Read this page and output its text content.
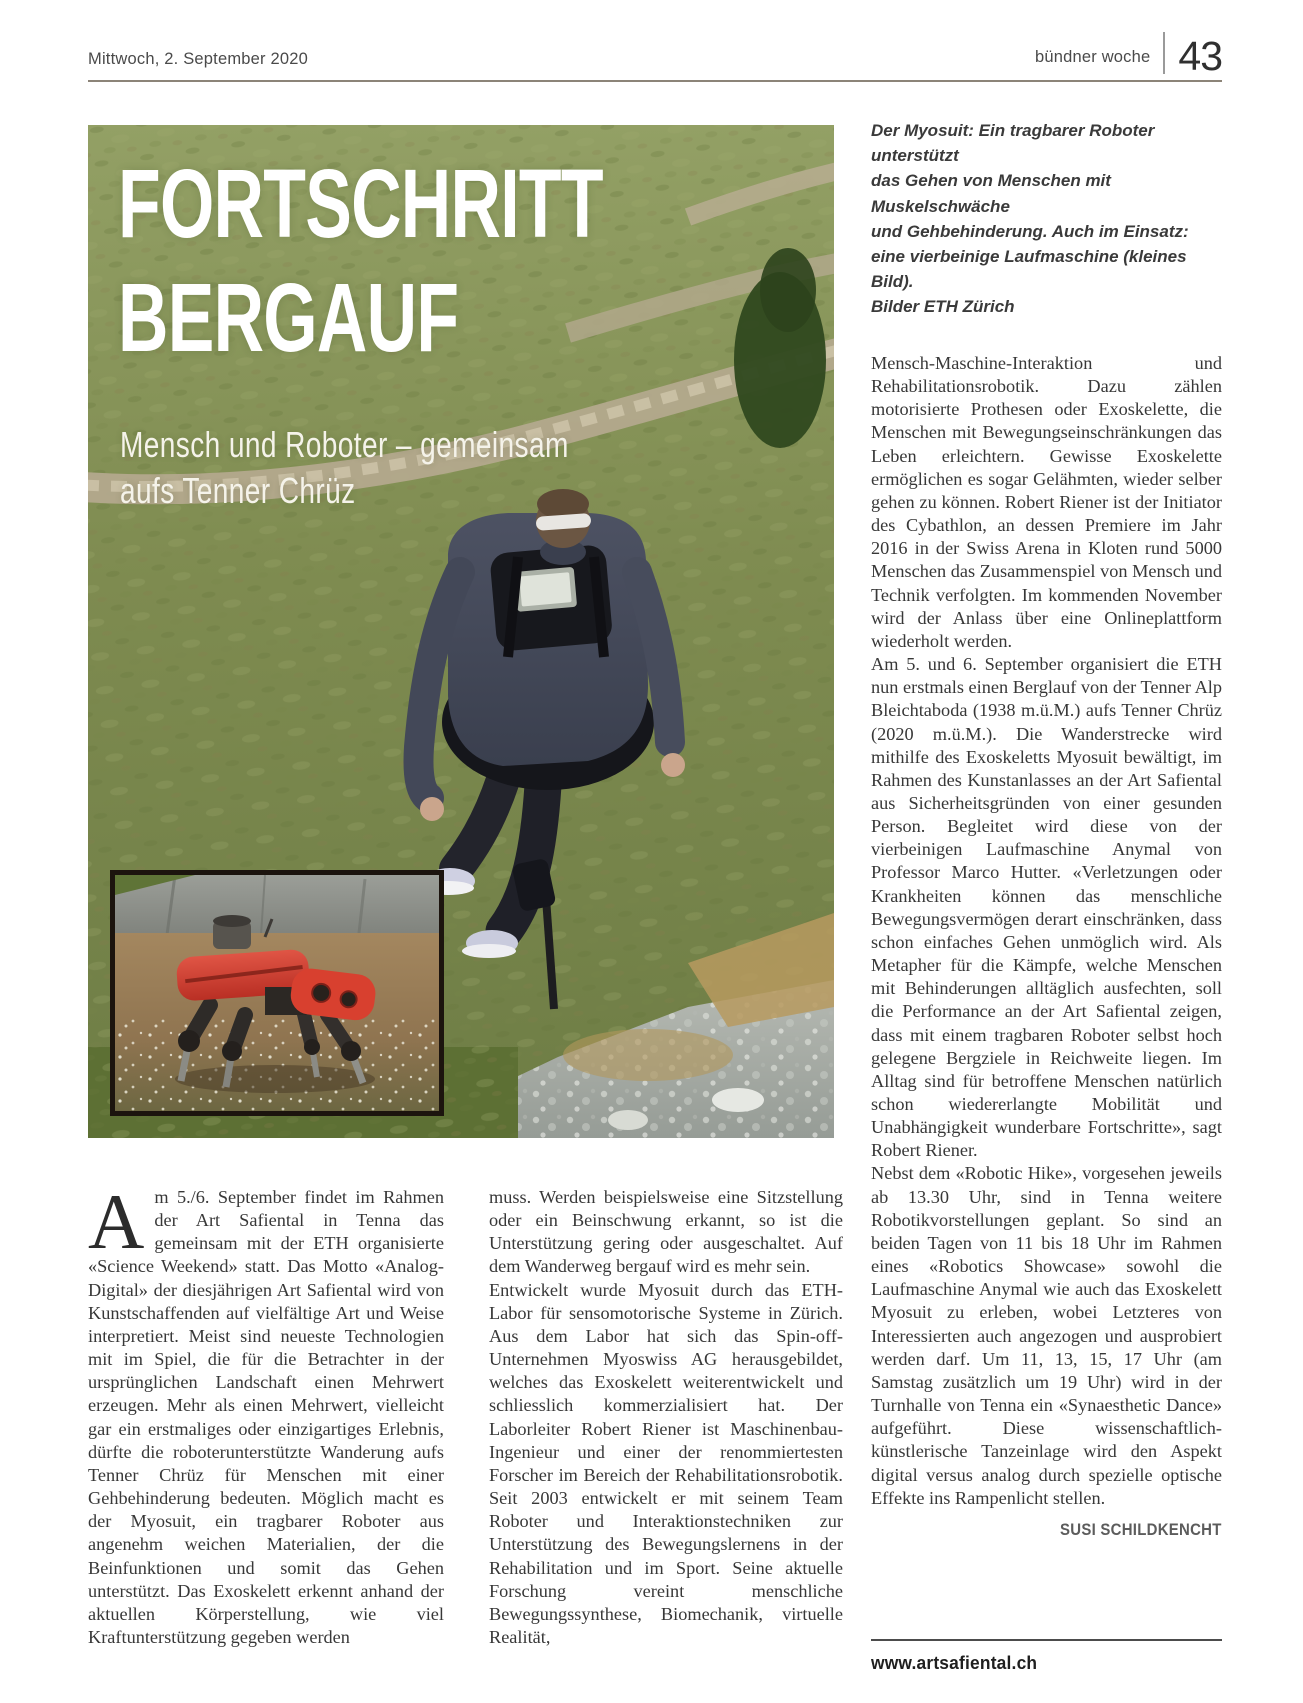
Mittwoch, 2. September 2020	bündner woche 43
FORTSCHRITT
BERGAUF

Mensch und Roboter – gemeinsam
aufs Tenner Chrüz

Der Myosuit: Ein tragbarer Roboter unterstützt
das Gehen von Menschen mit Muskelschwäche
und Gehbehinderung. Auch im Einsatz:
eine vierbeinige Laufmaschine (kleines Bild).
Bilder ETH Zürich

Mensch-Maschine-Interaktion und Rehabilitationsrobotik. Dazu zählen motorisierte Prothesen oder Exoskelette, die Menschen mit Bewegungseinschränkungen das Leben erleichtern. Gewisse Exoskelette ermöglichen es sogar Gelähmten, wieder selber gehen zu können. Robert Riener ist der Initiator des Cybathlon, an dessen Premiere im Jahr 2016 in der Swiss Arena in Kloten rund 5000 Menschen das Zusammenspiel von Mensch und Technik verfolgten. Im kommenden November wird der Anlass über eine Onlineplattform wiederholt werden.

Am 5. und 6. September organisiert die ETH nun erstmals einen Berglauf von der Tenner Alp Bleichtaboda (1938 m.ü.M.) aufs Tenner Chrüz (2020 m.ü.M.). Die Wanderstrecke wird mithilfe des Exoskeletts Myosuit bewältigt, im Rahmen des Kunstanlasses an der Art Safiental aus Sicherheitsgründen von einer gesunden Person. Begleitet wird diese von der vierbeinigen Laufmaschine Anymal von Professor Marco Hutter. «Verletzungen oder Krankheiten können das menschliche Bewegungsvermögen derart einschränken, dass schon einfaches Gehen unmöglich wird. Als Metapher für die Kämpfe, welche Menschen mit Behinderungen alltäglich ausfechten, soll die Performance an der Art Safiental zeigen, dass mit einem tragbaren Roboter selbst hoch gelegene Bergziele in Reichweite liegen. Im Alltag sind für betroffene Menschen natürlich schon wiedererlangte Mobilität und Unabhängigkeit wunderbare Fortschritte», sagt Robert Riener.

Nebst dem «Robotic Hike», vorgesehen jeweils ab 13.30 Uhr, sind in Tenna weitere Robotikvorstellungen geplant. So sind an beiden Tagen von 11 bis 18 Uhr im Rahmen eines «Robotics Showcase» sowohl die Laufmaschine Anymal wie auch das Exoskelett Myosuit zu erleben, wobei Letzteres von Interessierten auch angezogen und ausprobiert werden darf. Um 11, 13, 15, 17 Uhr (am Samstag zusätzlich um 19 Uhr) wird in der Turnhalle von Tenna ein «Synaesthetic Dance» aufgeführt. Diese wissenschaftlich-künstlerische Tanzeinlage wird den Aspekt digital versus analog durch spezielle optische Effekte ins Rampenlicht stellen.

SUSI SCHILDKENCHT

Am 5./6. September findet im Rahmen der Art Safiental in Tenna das gemeinsam mit der ETH organisierte «Science Weekend» statt. Das Motto «Analog-Digital» der diesjährigen Art Safiental wird von Kunstschaffenden auf vielfältige Art und Weise interpretiert. Meist sind neueste Technologien mit im Spiel, die für die Betrachter in der ursprünglichen Landschaft einen Mehrwert erzeugen. Mehr als einen Mehrwert, vielleicht gar ein erstmaliges oder einzigartiges Erlebnis, dürfte die roboterunterstützte Wanderung aufs Tenner Chrüz für Menschen mit einer Gehbehinderung bedeuten. Möglich macht es der Myosuit, ein tragbarer Roboter aus angenehm weichen Materialien, der die Beinfunktionen und somit das Gehen unterstützt. Das Exoskelett erkennt anhand der aktuellen Körperstellung, wie viel Kraftunterstützung gegeben werden

muss. Werden beispielsweise eine Sitzstellung oder ein Beinschwung erkannt, so ist die Unterstützung gering oder ausgeschaltet. Auf dem Wanderweg bergauf wird es mehr sein.

Entwickelt wurde Myosuit durch das ETH-Labor für sensomotorische Systeme in Zürich. Aus dem Labor hat sich das Spin-off-Unternehmen Myoswiss AG herausgebildet, welches das Exoskelett weiterentwickelt und schliesslich kommerzialisiert hat. Der Laborleiter Robert Riener ist Maschinenbau-Ingenieur und einer der renommiertesten Forscher im Bereich der Rehabilitationsrobotik. Seit 2003 entwickelt er mit seinem Team Roboter und Interaktionstechniken zur Unterstützung des Bewegungslernens in der Rehabilitation und im Sport. Seine aktuelle Forschung vereint menschliche Bewegungssynthese, Biomechanik, virtuelle Realität,

www.artsafiental.ch
